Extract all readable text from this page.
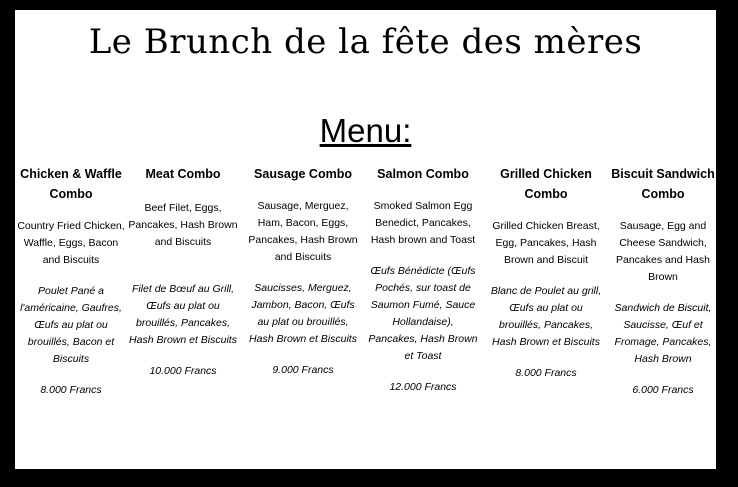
Le Brunch de la fête des mères
Menu:
Chicken & Waffle Combo
Country Fried Chicken, Waffle, Eggs, Bacon and Biscuits
Poulet Pané a l'américaine, Gaufres, Œufs au plat ou brouillés, Bacon et Biscuits
8.000 Francs
Meat Combo
Beef Filet, Eggs, Pancakes, Hash Brown and Biscuits
Filet de Bœuf au Grill, Œufs au plat ou brouillés, Pancakes, Hash Brown et Biscuits
10.000 Francs
Sausage Combo
Sausage, Merguez, Ham, Bacon, Eggs, Pancakes, Hash Brown and Biscuits
Saucisses, Merguez, Jambon, Bacon, Œufs au plat ou brouillés, Hash Brown et Biscuits
9.000 Francs
Salmon Combo
Smoked Salmon Egg Benedict, Pancakes, Hash brown and Toast
Œufs Bénédicte (Œufs Pochés, sur toast de Saumon Fumé, Sauce Hollandaise), Pancakes, Hash Brown et Toast
12.000 Francs
Grilled Chicken Combo
Grilled Chicken Breast, Egg, Pancakes, Hash Brown and Biscuit
Blanc de Poulet au grill, Œufs au plat ou brouillés, Pancakes, Hash Brown et Biscuits
8.000 Francs
Biscuit Sandwich Combo
Sausage, Egg and Cheese Sandwich, Pancakes and Hash Brown
Sandwich de Biscuit, Saucisse, Œuf et Fromage, Pancakes, Hash Brown
6.000 Francs
